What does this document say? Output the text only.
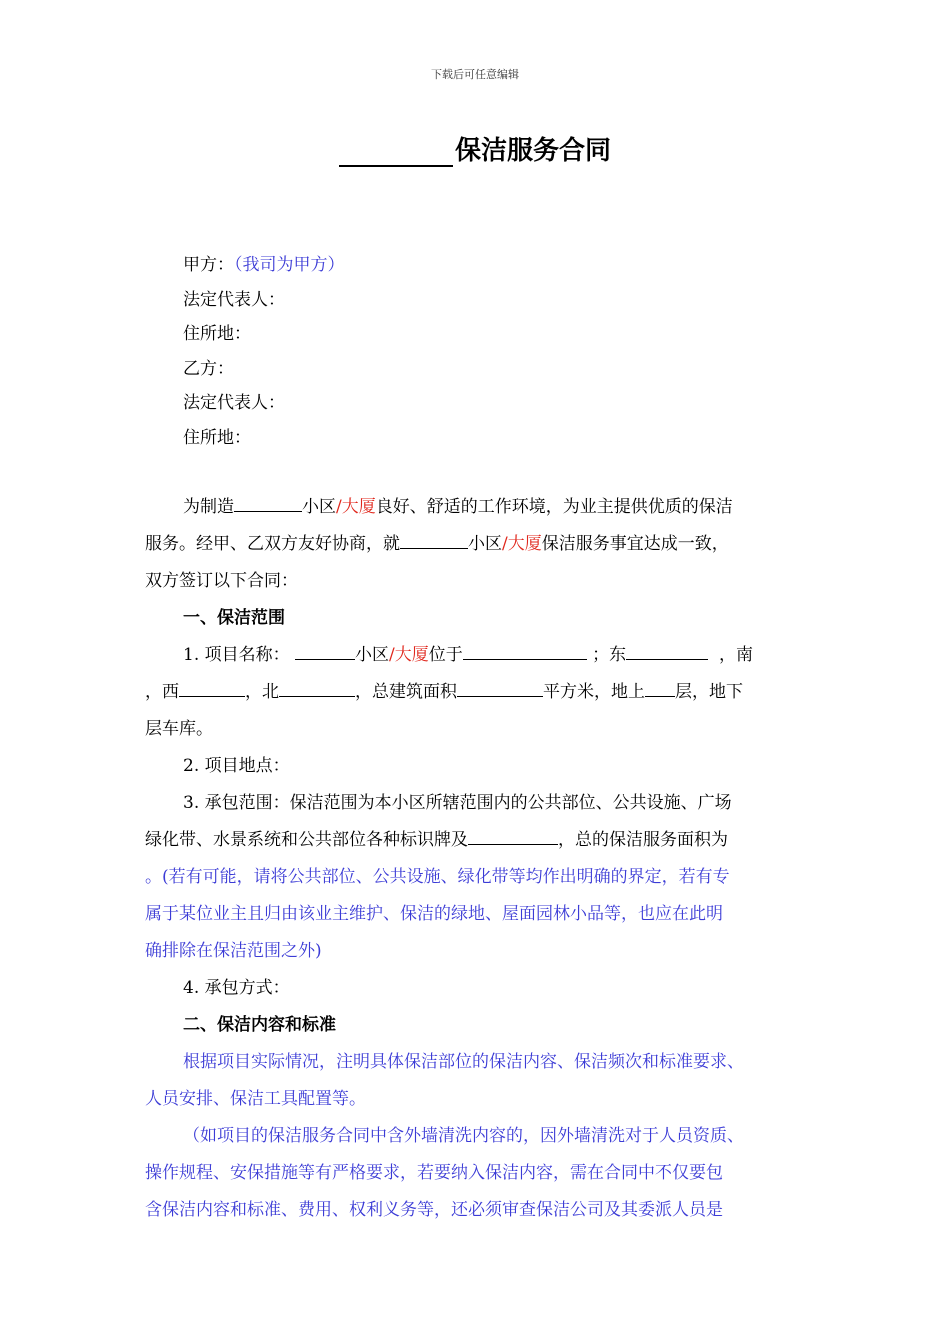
下载后可任意编辑
保洁服务合同
甲方：（我司为甲方）
法定代表人：
住所地：
乙方：
法定代表人：
住所地：
为制造	小区/大厦良好、舒适的工作环境，为业主提供优质的保洁
服务。经甲、乙双方友好协商，就	小区/大厦保洁服务事宜达成一致，
双方签订以下合同：
一、保洁范围
1. 项目名称：	小区/大厦位于	；东	，南
，西	，北	，总建筑面积	平方米，地上 层，地下
层车库。
2. 项目地点：
3. 承包范围：保洁范围为本小区所辖范围内的公共部位、公共设施、广场
绿化带、水景系统和公共部位各种标识牌及	，总的保洁服务面积为
。(若有可能，请将公共部位、公共设施、绿化带等均作出明确的界定，若有专
属于某位业主且归由该业主维护、保洁的绿地、屋面园林小品等，也应在此明
确排除在保洁范围之外)
4. 承包方式：
二、保洁内容和标准
根据项目实际情况，注明具体保洁部位的保洁内容、保洁频次和标准要求、
人员安排、保洁工具配置等。
（如项目的保洁服务合同中含外墙清洗内容的，因外墙清洗对于人员资质、
操作规程、安保措施等有严格要求，若要纳入保洁内容，需在合同中不仅要包
含保洁内容和标准、费用、权利义务等，还必须审查保洁公司及其委派人员是
